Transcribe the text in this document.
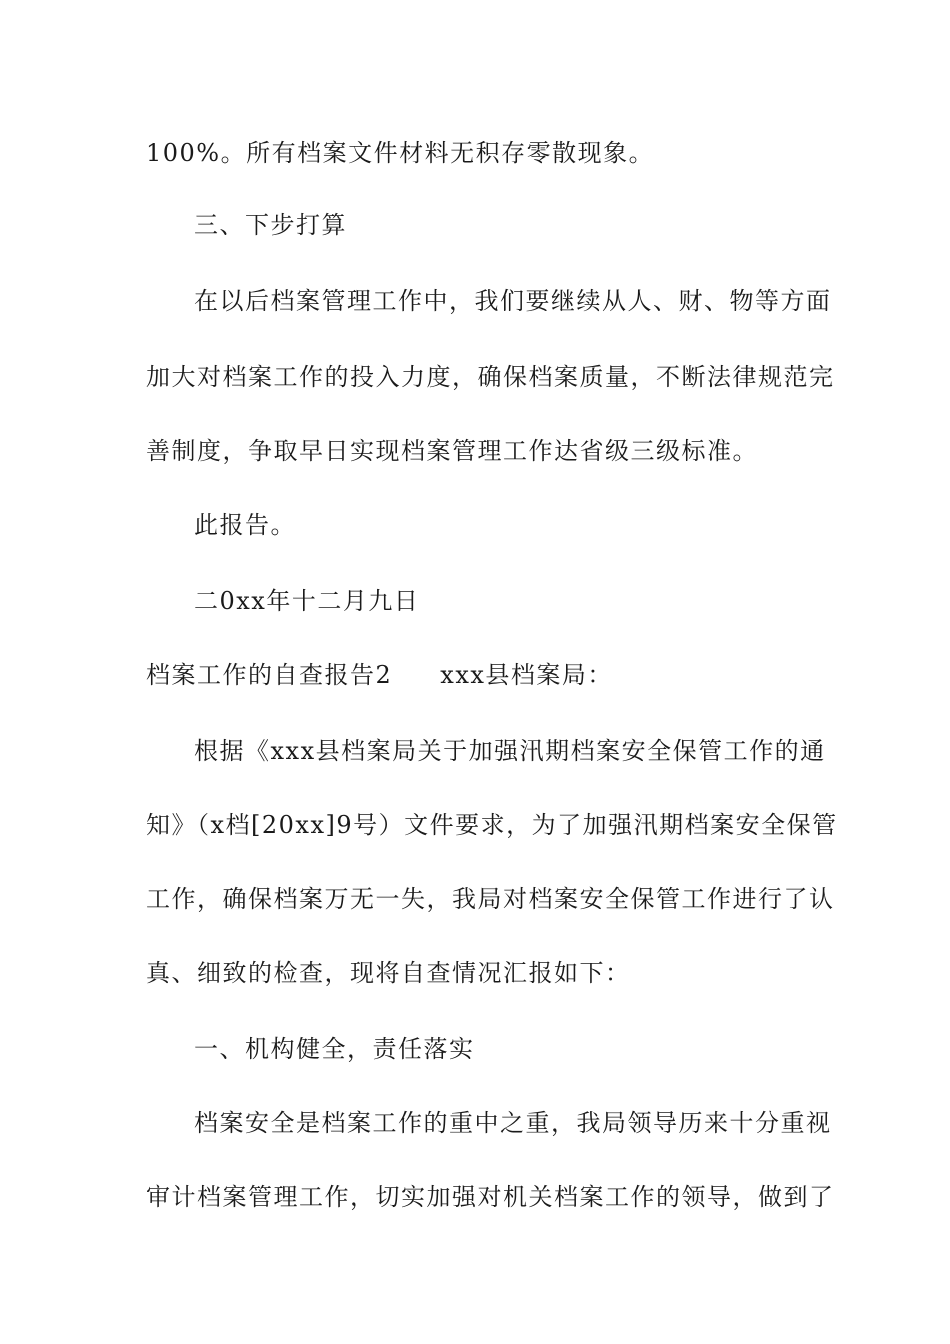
100%。所有档案文件材料无积存零散现象。
三、下步打算
在以后档案管理工作中，我们要继续从人、财、物等方面
加大对档案工作的投入力度，确保档案质量，不断法律规范完
善制度，争取早日实现档案管理工作达省级三级标准。
此报告。
二0xx年十二月九日
档案工作的自查报告2 xxx县档案局：
根据《xxx县档案局关于加强汛期档案安全保管工作的通
知》（x档[20xx]9号）文件要求，为了加强汛期档案安全保管
工作，确保档案万无一失，我局对档案安全保管工作进行了认
真、细致的检查，现将自查情况汇报如下：
一、机构健全，责任落实
档案安全是档案工作的重中之重，我局领导历来十分重视
审计档案管理工作，切实加强对机关档案工作的领导，做到了
